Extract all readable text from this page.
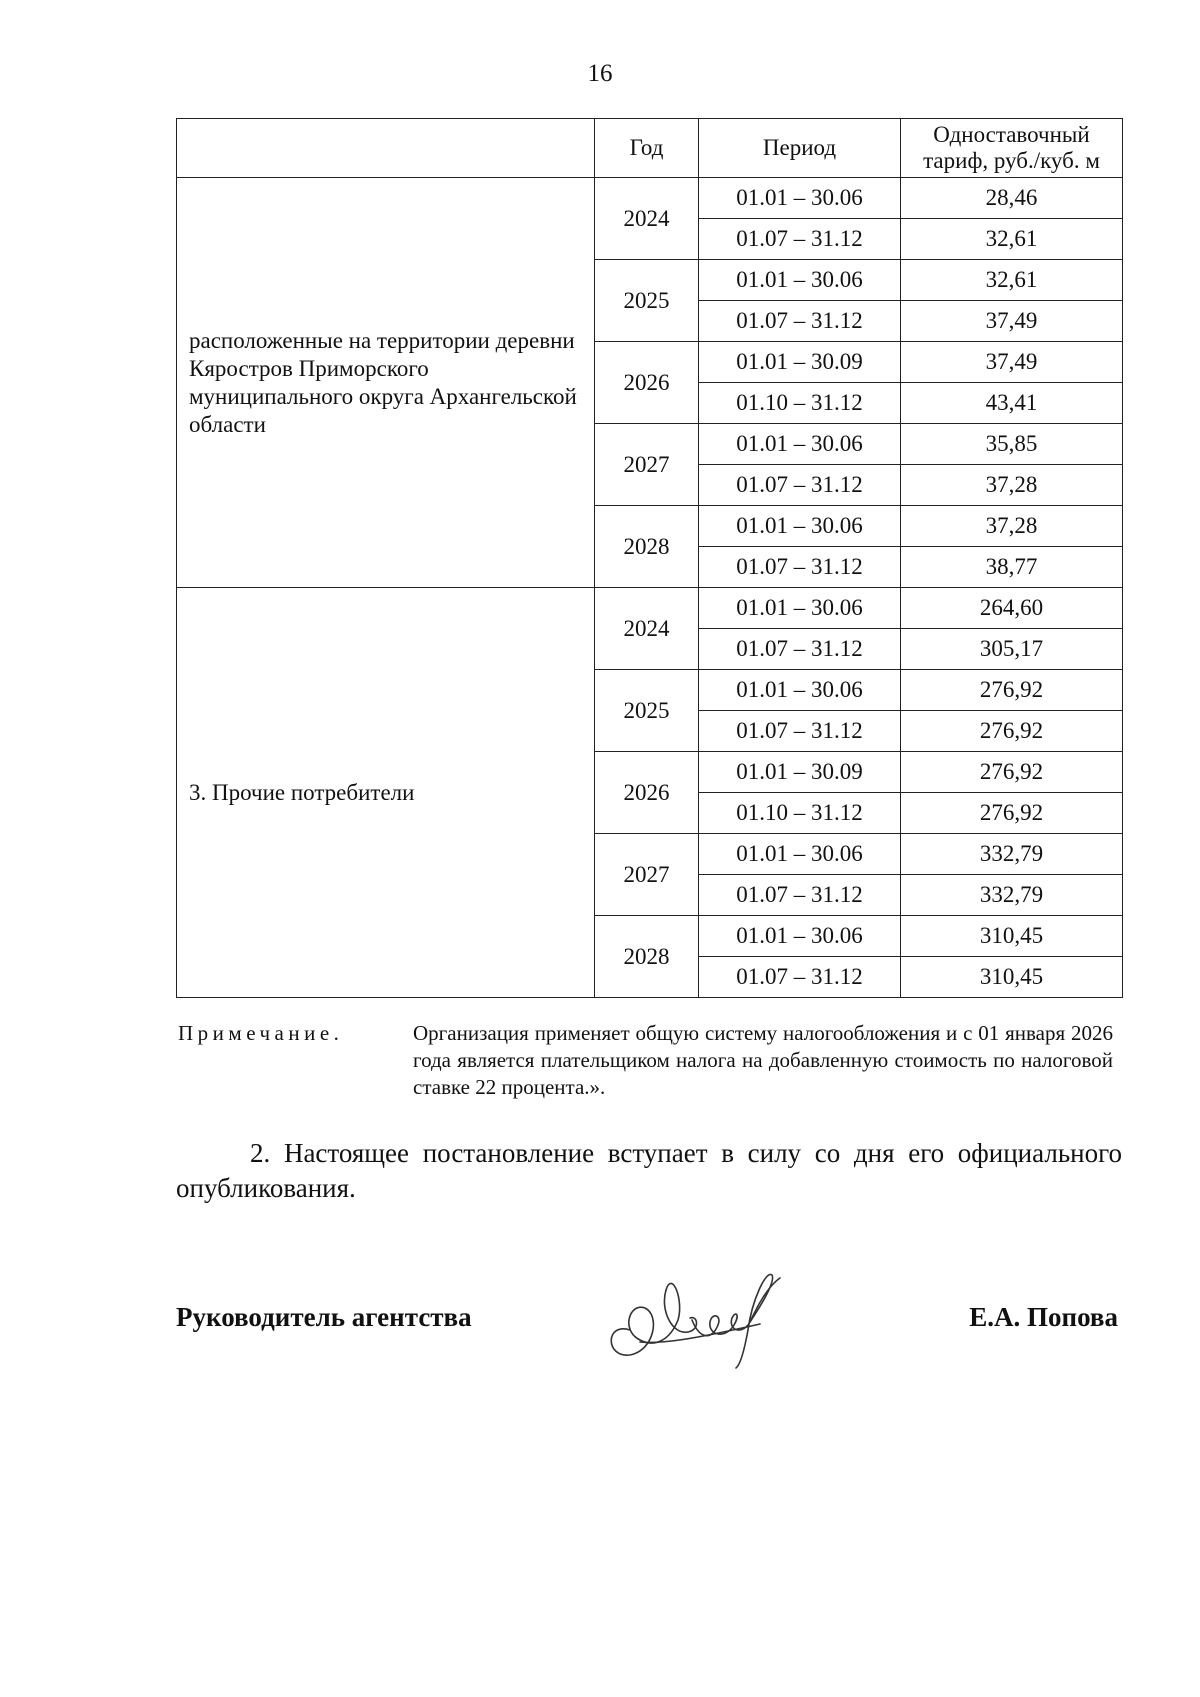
16
	Год	Период	Одноставочный тариф, руб./куб. м
расположенные на территории деревни Кяростров Приморского муниципального округа Архангельской области	2024	01.01 – 30.06	28,46
		01.07 – 31.12	32,61
	2025	01.01 – 30.06	32,61
		01.07 – 31.12	37,49
	2026	01.01 – 30.09	37,49
		01.10 – 31.12	43,41
	2027	01.01 – 30.06	35,85
		01.07 – 31.12	37,28
	2028	01.01 – 30.06	37,28
		01.07 – 31.12	38,77
3. Прочие потребители	2024	01.01 – 30.06	264,60
		01.07 – 31.12	305,17
	2025	01.01 – 30.06	276,92
		01.07 – 31.12	276,92
	2026	01.01 – 30.09	276,92
		01.10 – 31.12	276,92
	2027	01.01 – 30.06	332,79
		01.07 – 31.12	332,79
	2028	01.01 – 30.06	310,45
		01.07 – 31.12	310,45
Примечание.	Организация применяет общую систему налогообложения и с 01 января 2026 года является плательщиком налога на добавленную стоимость по налоговой ставке 22 процента.».
2. Настоящее постановление вступает в силу со дня его официального опубликования.
Руководитель агентства	Е.А. Попова
